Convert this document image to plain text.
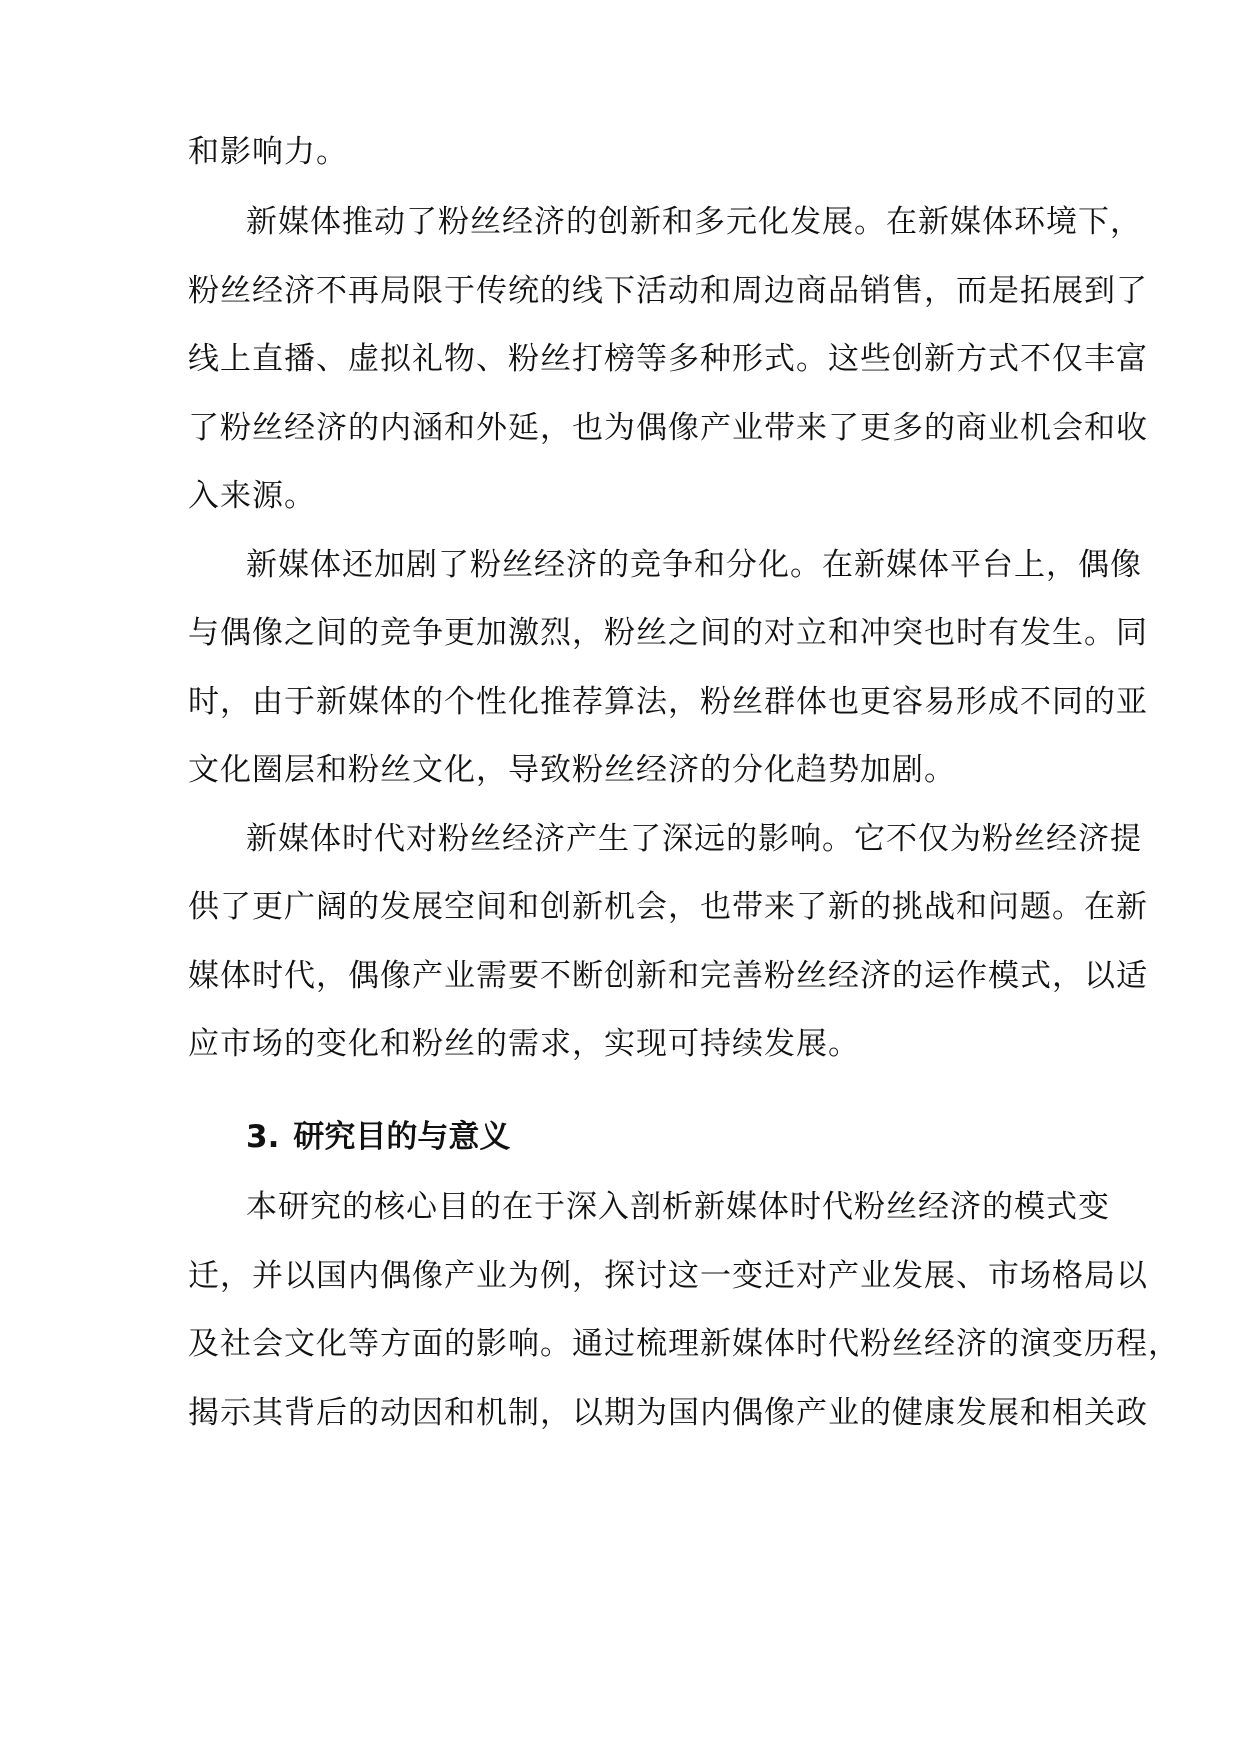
和影响力。
新媒体推动了粉丝经济的创新和多元化发展。在新媒体环境下，
粉丝经济不再局限于传统的线下活动和周边商品销售，而是拓展到了
线上直播、虚拟礼物、粉丝打榜等多种形式。这些创新方式不仅丰富
了粉丝经济的内涵和外延，也为偶像产业带来了更多的商业机会和收
入来源。
新媒体还加剧了粉丝经济的竞争和分化。在新媒体平台上，偶像
与偶像之间的竞争更加激烈，粉丝之间的对立和冲突也时有发生。同
时，由于新媒体的个性化推荐算法，粉丝群体也更容易形成不同的亚
文化圈层和粉丝文化，导致粉丝经济的分化趋势加剧。
新媒体时代对粉丝经济产生了深远的影响。它不仅为粉丝经济提
供了更广阔的发展空间和创新机会，也带来了新的挑战和问题。在新
媒体时代，偶像产业需要不断创新和完善粉丝经济的运作模式，以适
应市场的变化和粉丝的需求，实现可持续发展。
3. 研究目的与意义
本研究的核心目的在于深入剖析新媒体时代粉丝经济的模式变
迁，并以国内偶像产业为例，探讨这一变迁对产业发展、市场格局以
及社会文化等方面的影响。通过梳理新媒体时代粉丝经济的演变历程，
揭示其背后的动因和机制，以期为国内偶像产业的健康发展和相关政
